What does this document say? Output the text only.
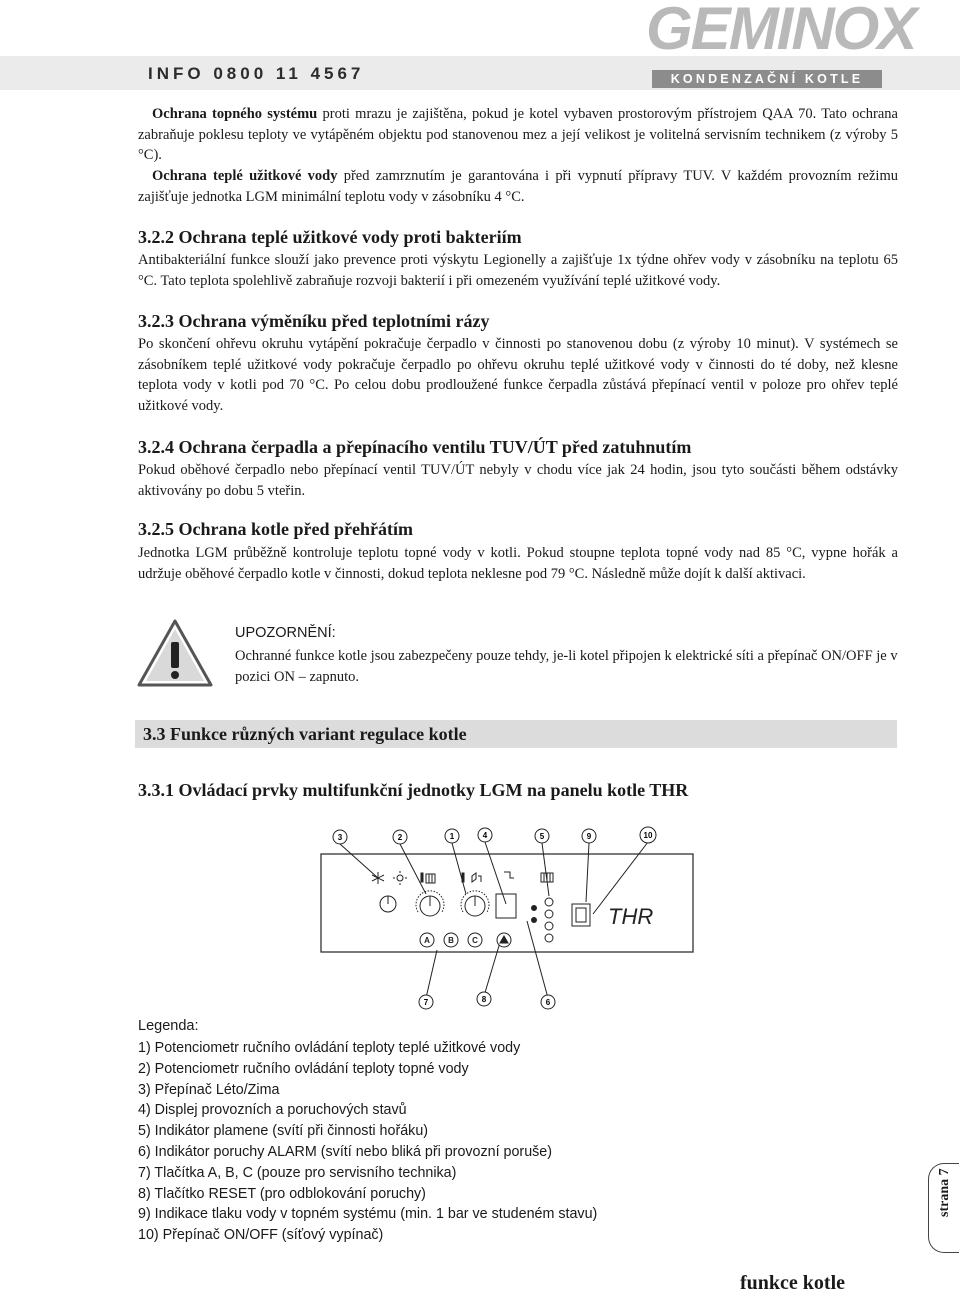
INFO 0800 11 4567
GEMINOX
KONDENZAČNÍ KOTLE

Ochrana topného systému proti mrazu je zajištěna, pokud je kotel vybaven prostorovým přístrojem QAA 70. Tato ochrana zabraňuje poklesu teploty ve vytápěném objektu pod stanovenou mez a její velikost je volitelná servisním technikem (z výroby 5 °C).

Ochrana teplé užitkové vody před zamrznutím je garantována i při vypnutí přípravy TUV. V každém provozním režimu zajišťuje jednotka LGM minimální teplotu vody v zásobníku 4 °C.

3.2.2 Ochrana teplé užitkové vody proti bakteriím

Antibakteriální funkce slouží jako prevence proti výskytu Legionelly a zajišťuje 1x týdne ohřev vody v zásobníku na teplotu 65 °C. Tato teplota spolehlivě zabraňuje rozvoji bakterií i při omezeném využívání teplé užitkové vody.

3.2.3 Ochrana výměníku před teplotními rázy

Po skončení ohřevu okruhu vytápění pokračuje čerpadlo v činnosti po stanovenou dobu (z výroby 10 minut). V systémech se zásobníkem teplé užitkové vody pokračuje čerpadlo po ohřevu okruhu teplé užitkové vody v činnosti do té doby, než klesne teplota vody v kotli pod 70 °C. Po celou dobu prodloužené funkce čerpadla zůstává přepínací ventil v poloze pro ohřev teplé užitkové vody.

3.2.4 Ochrana čerpadla a přepínacího ventilu TUV/ÚT před zatuhnutím

Pokud oběhové čerpadlo nebo přepínací ventil TUV/ÚT nebyly v chodu více jak 24 hodin, jsou tyto součásti během odstávky aktivovány po dobu 5 vteřin.

3.2.5 Ochrana kotle před přehřátím

Jednotka LGM průběžně kontroluje teplotu topné vody v kotli. Pokud stoupne teplota topné vody nad 85 °C, vypne hořák a udržuje oběhové čerpadlo kotle v činnosti, dokud teplota neklesne pod 79 °C. Následně může dojít k další aktivaci.

UPOZORNĚNÍ:
Ochranné funkce kotle jsou zabezpečeny pouze tehdy, je-li kotel připojen k elektrické síti a přepínač ON/OFF je v pozici ON – zapnuto.
3.3 Funkce různých variant regulace kotle
3.3.1 Ovládací prvky multifunkční jednotky LGM na panelu kotle THR
3	2	1	4	5	9	10
7	8	6
A B C
THR
Legenda:
1) Potenciometr ručního ovládání teploty teplé užitkové vody
2) Potenciometr ručního ovládání teploty topné vody
3) Přepínač Léto/Zima
4) Displej provozních a poruchových stavů
5) Indikátor plamene (svítí při činnosti hořáku)
6) Indikátor poruchy ALARM (svítí nebo bliká při provozní poruše)
7) Tlačítka A, B, C (pouze pro servisního technika)
8) Tlačítko RESET (pro odblokování poruchy)
9) Indikace tlaku vody v topném systému (min. 1 bar ve studeném stavu)
10) Přepínač ON/OFF (síťový vypínač)
strana 7
funkce kotle
